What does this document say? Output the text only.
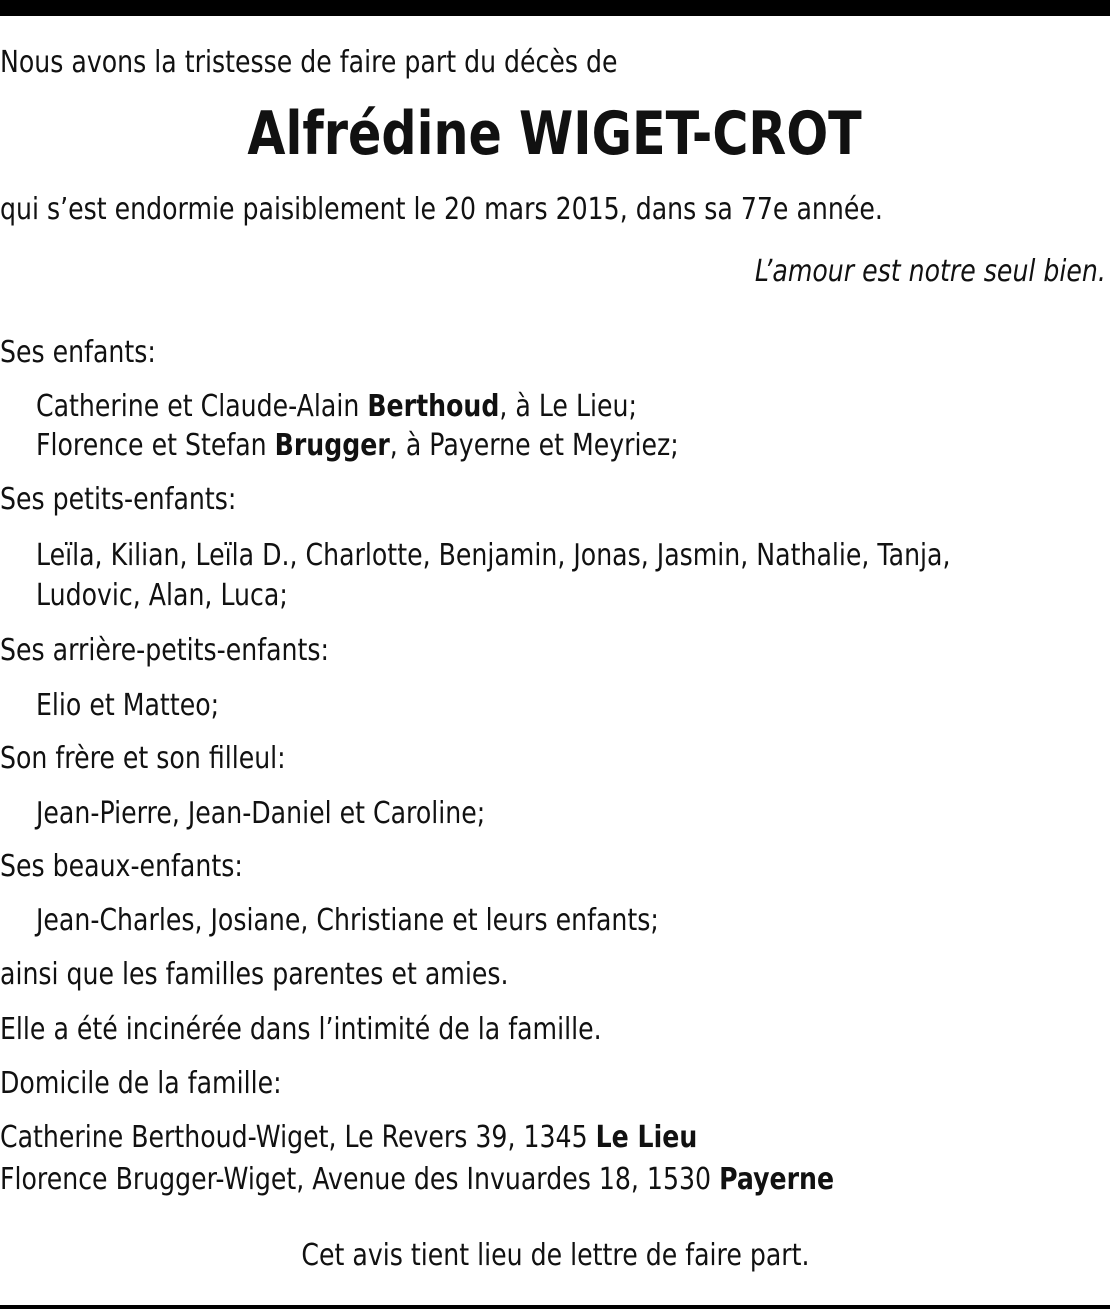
Nous avons la tristesse de faire part du décès de
Alfrédine WIGET-CROT
qui s’est endormie paisiblement le 20 mars 2015, dans sa 77e année.
L’amour est notre seul bien.
Ses enfants:
Catherine et Claude-Alain Berthoud, à Le Lieu;
Florence et Stefan Brugger, à Payerne et Meyriez;
Ses petits-enfants:
Leïla, Kilian, Leïla D., Charlotte, Benjamin, Jonas, Jasmin, Nathalie, Tanja,
Ludovic, Alan, Luca;
Ses arrière-petits-enfants:
Elio et Matteo;
Son frère et son filleul:
Jean-Pierre, Jean-Daniel et Caroline;
Ses beaux-enfants:
Jean-Charles, Josiane, Christiane et leurs enfants;
ainsi que les familles parentes et amies.
Elle a été incinérée dans l’intimité de la famille.
Domicile de la famille:
Catherine Berthoud-Wiget, Le Revers 39, 1345 Le Lieu
Florence Brugger-Wiget, Avenue des Invuardes 18, 1530 Payerne
Cet avis tient lieu de lettre de faire part.
